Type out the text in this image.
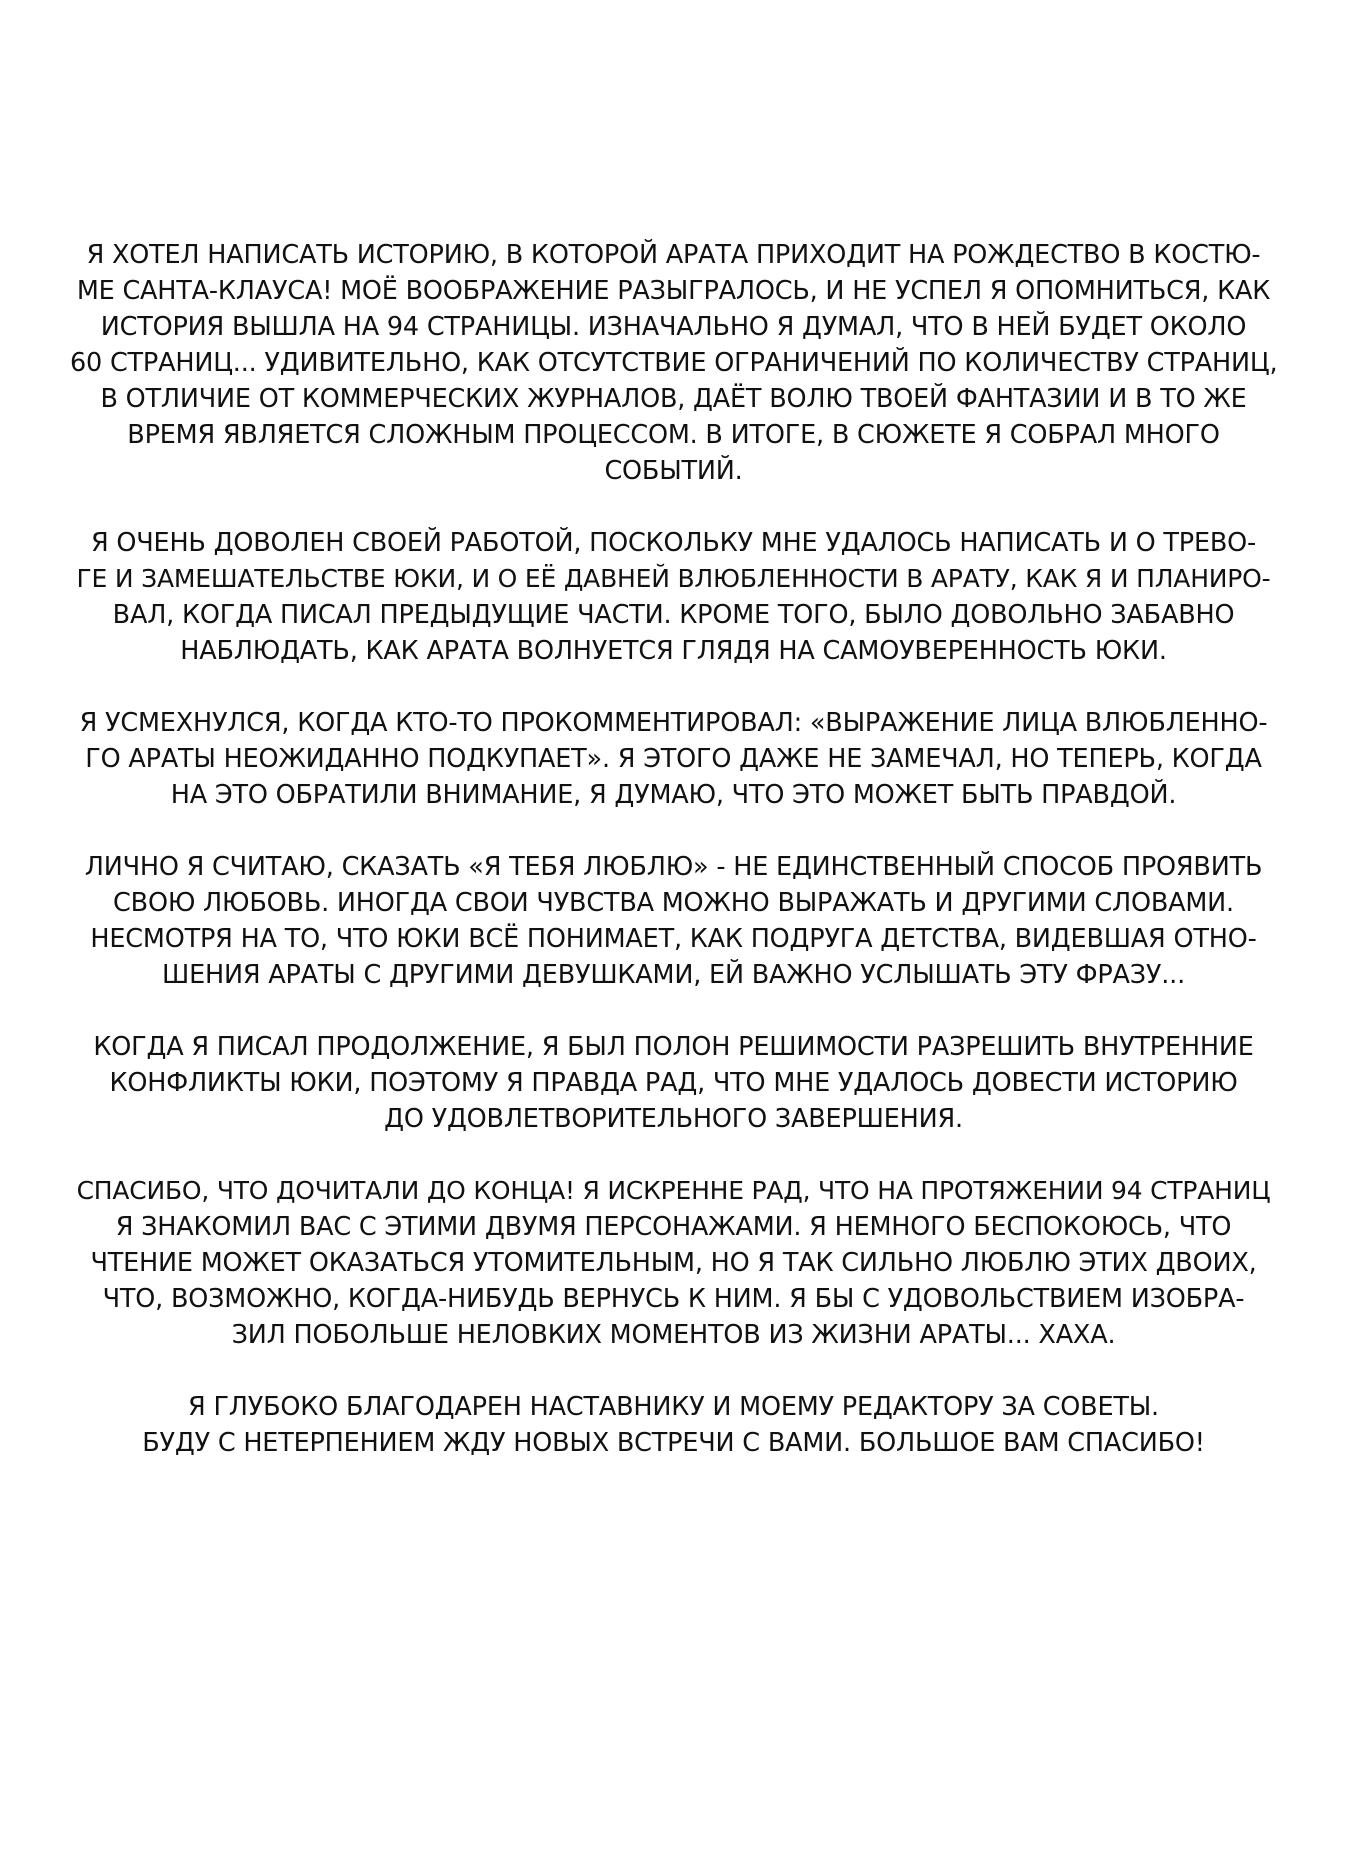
Я ХОТЕЛ НАПИСАТЬ ИСТОРИЮ, В КОТОРОЙ АРАТА ПРИХОДИТ НА РОЖДЕСТВО В КОСТЮ-
МЕ САНТА-КЛАУСА! МОЁ ВООБРАЖЕНИЕ РАЗЫГРАЛОСЬ, И НЕ УСПЕЛ Я ОПОМНИТЬСЯ, КАК
ИСТОРИЯ ВЫШЛА НА 94 СТРАНИЦЫ. ИЗНАЧАЛЬНО Я ДУМАЛ, ЧТО В НЕЙ БУДЕТ ОКОЛО
60 СТРАНИЦ... УДИВИТЕЛЬНО, КАК ОТСУТСТВИЕ ОГРАНИЧЕНИЙ ПО КОЛИЧЕСТВУ СТРАНИЦ,
В ОТЛИЧИЕ ОТ КОММЕРЧЕСКИХ ЖУРНАЛОВ, ДАЁТ ВОЛЮ ТВОЕЙ ФАНТАЗИИ И В ТО ЖЕ
ВРЕМЯ ЯВЛЯЕТСЯ СЛОЖНЫМ ПРОЦЕССОМ. В ИТОГЕ, В СЮЖЕТЕ Я СОБРАЛ МНОГО
СОБЫТИЙ.

Я ОЧЕНЬ ДОВОЛЕН СВОЕЙ РАБОТОЙ, ПОСКОЛЬКУ МНЕ УДАЛОСЬ НАПИСАТЬ И О ТРЕВО-
ГЕ И ЗАМЕШАТЕЛЬСТВЕ ЮКИ, И О ЕЁ ДАВНЕЙ ВЛЮБЛЕННОСТИ В АРАТУ, КАК Я И ПЛАНИРО-
ВАЛ, КОГДА ПИСАЛ ПРЕДЫДУЩИЕ ЧАСТИ. КРОМЕ ТОГО, БЫЛО ДОВОЛЬНО ЗАБАВНО
НАБЛЮДАТЬ, КАК АРАТА ВОЛНУЕТСЯ ГЛЯДЯ НА САМОУВЕРЕННОСТЬ ЮКИ.

Я УСМЕХНУЛСЯ, КОГДА КТО-ТО ПРОКОММЕНТИРОВАЛ: «ВЫРАЖЕНИЕ ЛИЦА ВЛЮБЛЕННО-
ГО АРАТЫ НЕОЖИДАННО ПОДКУПАЕТ». Я ЭТОГО ДАЖЕ НЕ ЗАМЕЧАЛ, НО ТЕПЕРЬ, КОГДА
НА ЭТО ОБРАТИЛИ ВНИМАНИЕ, Я ДУМАЮ, ЧТО ЭТО МОЖЕТ БЫТЬ ПРАВДОЙ.

ЛИЧНО Я СЧИТАЮ, СКАЗАТЬ «Я ТЕБЯ ЛЮБЛЮ» - НЕ ЕДИНСТВЕННЫЙ СПОСОБ ПРОЯВИТЬ
СВОЮ ЛЮБОВЬ. ИНОГДА СВОИ ЧУВСТВА МОЖНО ВЫРАЖАТЬ И ДРУГИМИ СЛОВАМИ.
НЕСМОТРЯ НА ТО, ЧТО ЮКИ ВСЁ ПОНИМАЕТ, КАК ПОДРУГА ДЕТСТВА, ВИДЕВШАЯ ОТНО-
ШЕНИЯ АРАТЫ С ДРУГИМИ ДЕВУШКАМИ, ЕЙ ВАЖНО УСЛЫШАТЬ ЭТУ ФРАЗУ...

КОГДА Я ПИСАЛ ПРОДОЛЖЕНИЕ, Я БЫЛ ПОЛОН РЕШИМОСТИ РАЗРЕШИТЬ ВНУТРЕННИЕ
КОНФЛИКТЫ ЮКИ, ПОЭТОМУ Я ПРАВДА РАД, ЧТО МНЕ УДАЛОСЬ ДОВЕСТИ ИСТОРИЮ
ДО УДОВЛЕТВОРИТЕЛЬНОГО ЗАВЕРШЕНИЯ.

СПАСИБО, ЧТО ДОЧИТАЛИ ДО КОНЦА! Я ИСКРЕННЕ РАД, ЧТО НА ПРОТЯЖЕНИИ 94 СТРАНИЦ
Я ЗНАКОМИЛ ВАС С ЭТИМИ ДВУМЯ ПЕРСОНАЖАМИ. Я НЕМНОГО БЕСПОКОЮСЬ, ЧТО
ЧТЕНИЕ МОЖЕТ ОКАЗАТЬСЯ УТОМИТЕЛЬНЫМ, НО Я ТАК СИЛЬНО ЛЮБЛЮ ЭТИХ ДВОИХ,
ЧТО, ВОЗМОЖНО, КОГДА-НИБУДЬ ВЕРНУСЬ К НИМ. Я БЫ С УДОВОЛЬСТВИЕМ ИЗОБРА-
ЗИЛ ПОБОЛЬШЕ НЕЛОВКИХ МОМЕНТОВ ИЗ ЖИЗНИ АРАТЫ... ХАХА.

Я ГЛУБОКО БЛАГОДАРЕН НАСТАВНИКУ И МОЕМУ РЕДАКТОРУ ЗА СОВЕТЫ.
БУДУ С НЕТЕРПЕНИЕМ ЖДУ НОВЫХ ВСТРЕЧИ С ВАМИ. БОЛЬШОЕ ВАМ СПАСИБО!
